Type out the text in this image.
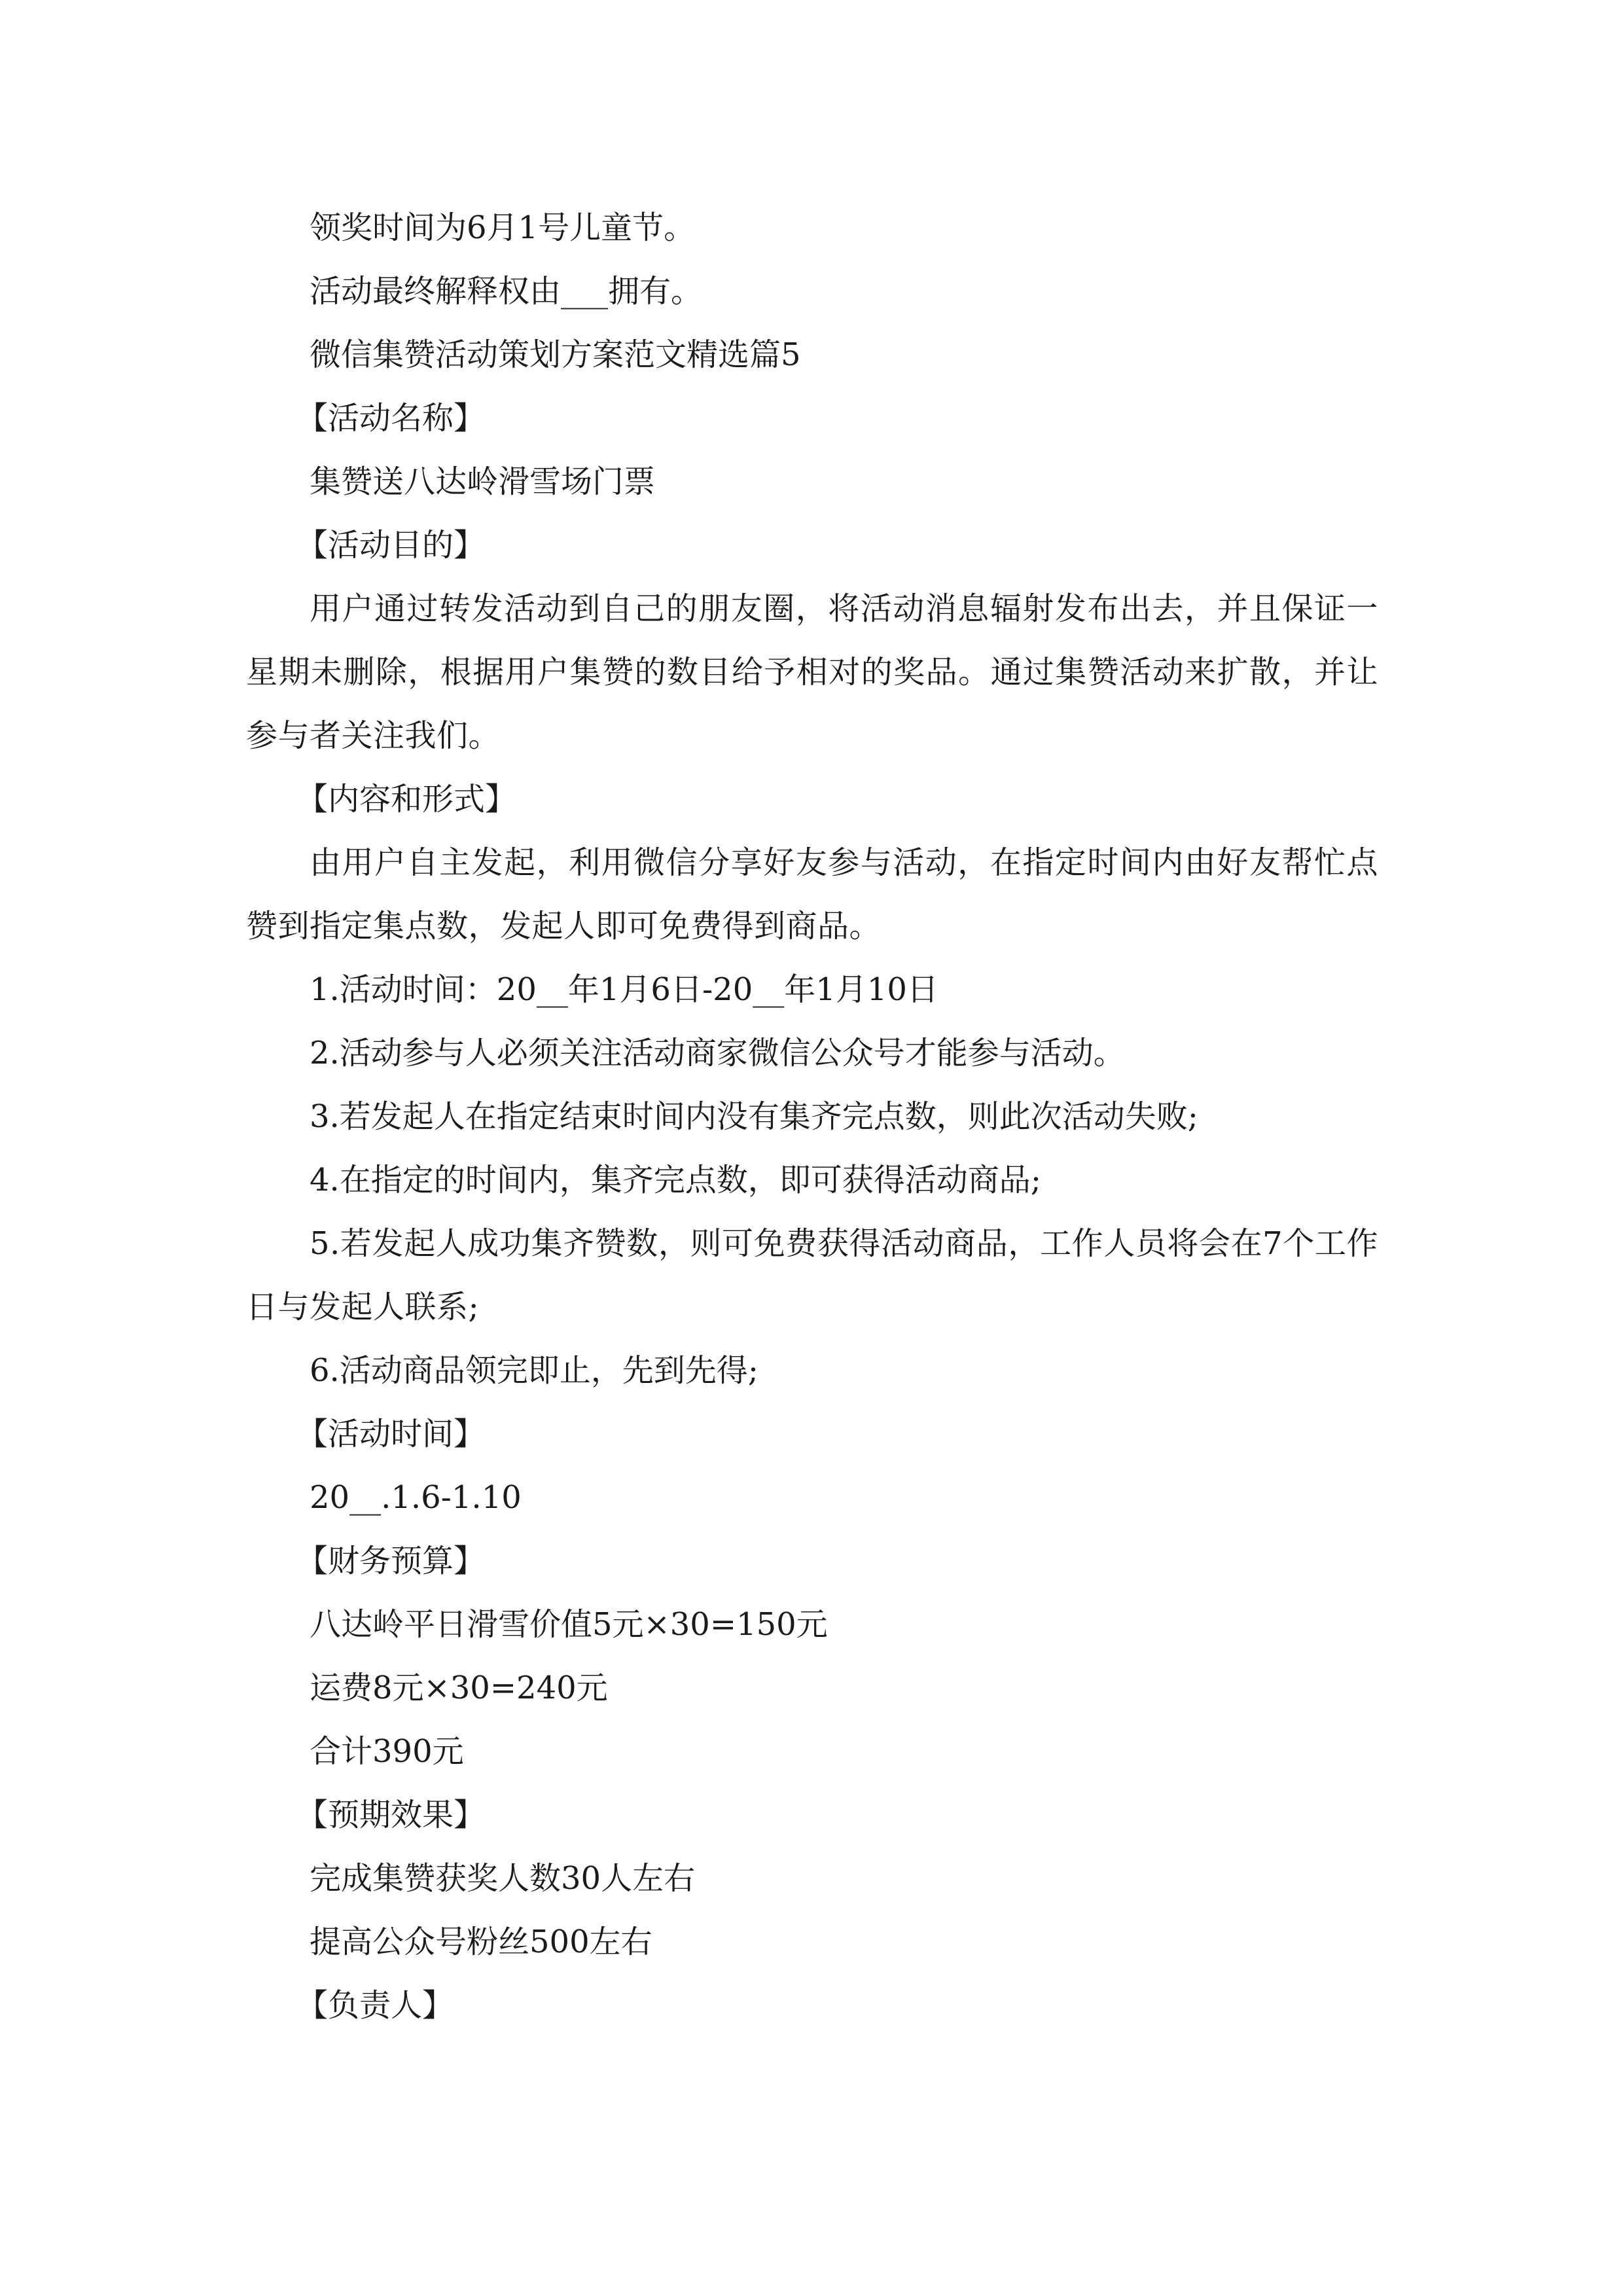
领奖时间为6月1号儿童节。

活动最终解释权由___拥有。

微信集赞活动策划方案范文精选篇5

【活动名称】

集赞送八达岭滑雪场门票

【活动目的】

用户通过转发活动到自己的朋友圈，将活动消息辐射发布出去，并且保证一星期未删除，根据用户集赞的数目给予相对的奖品。通过集赞活动来扩散，并让参与者关注我们。

【内容和形式】

由用户自主发起，利用微信分享好友参与活动，在指定时间内由好友帮忙点赞到指定集点数，发起人即可免费得到商品。

1.活动时间：20__年1月6日-20__年1月10日

2.活动参与人必须关注活动商家微信公众号才能参与活动。

3.若发起人在指定结束时间内没有集齐完点数，则此次活动失败;

4.在指定的时间内，集齐完点数，即可获得活动商品;

5.若发起人成功集齐赞数，则可免费获得活动商品，工作人员将会在7个工作日与发起人联系;

6.活动商品领完即止，先到先得;

【活动时间】

20__.1.6-1.10

【财务预算】

八达岭平日滑雪价值5元×30=150元

运费8元×30=240元

合计390元

【预期效果】

完成集赞获奖人数30人左右

提高公众号粉丝500左右

【负责人】
